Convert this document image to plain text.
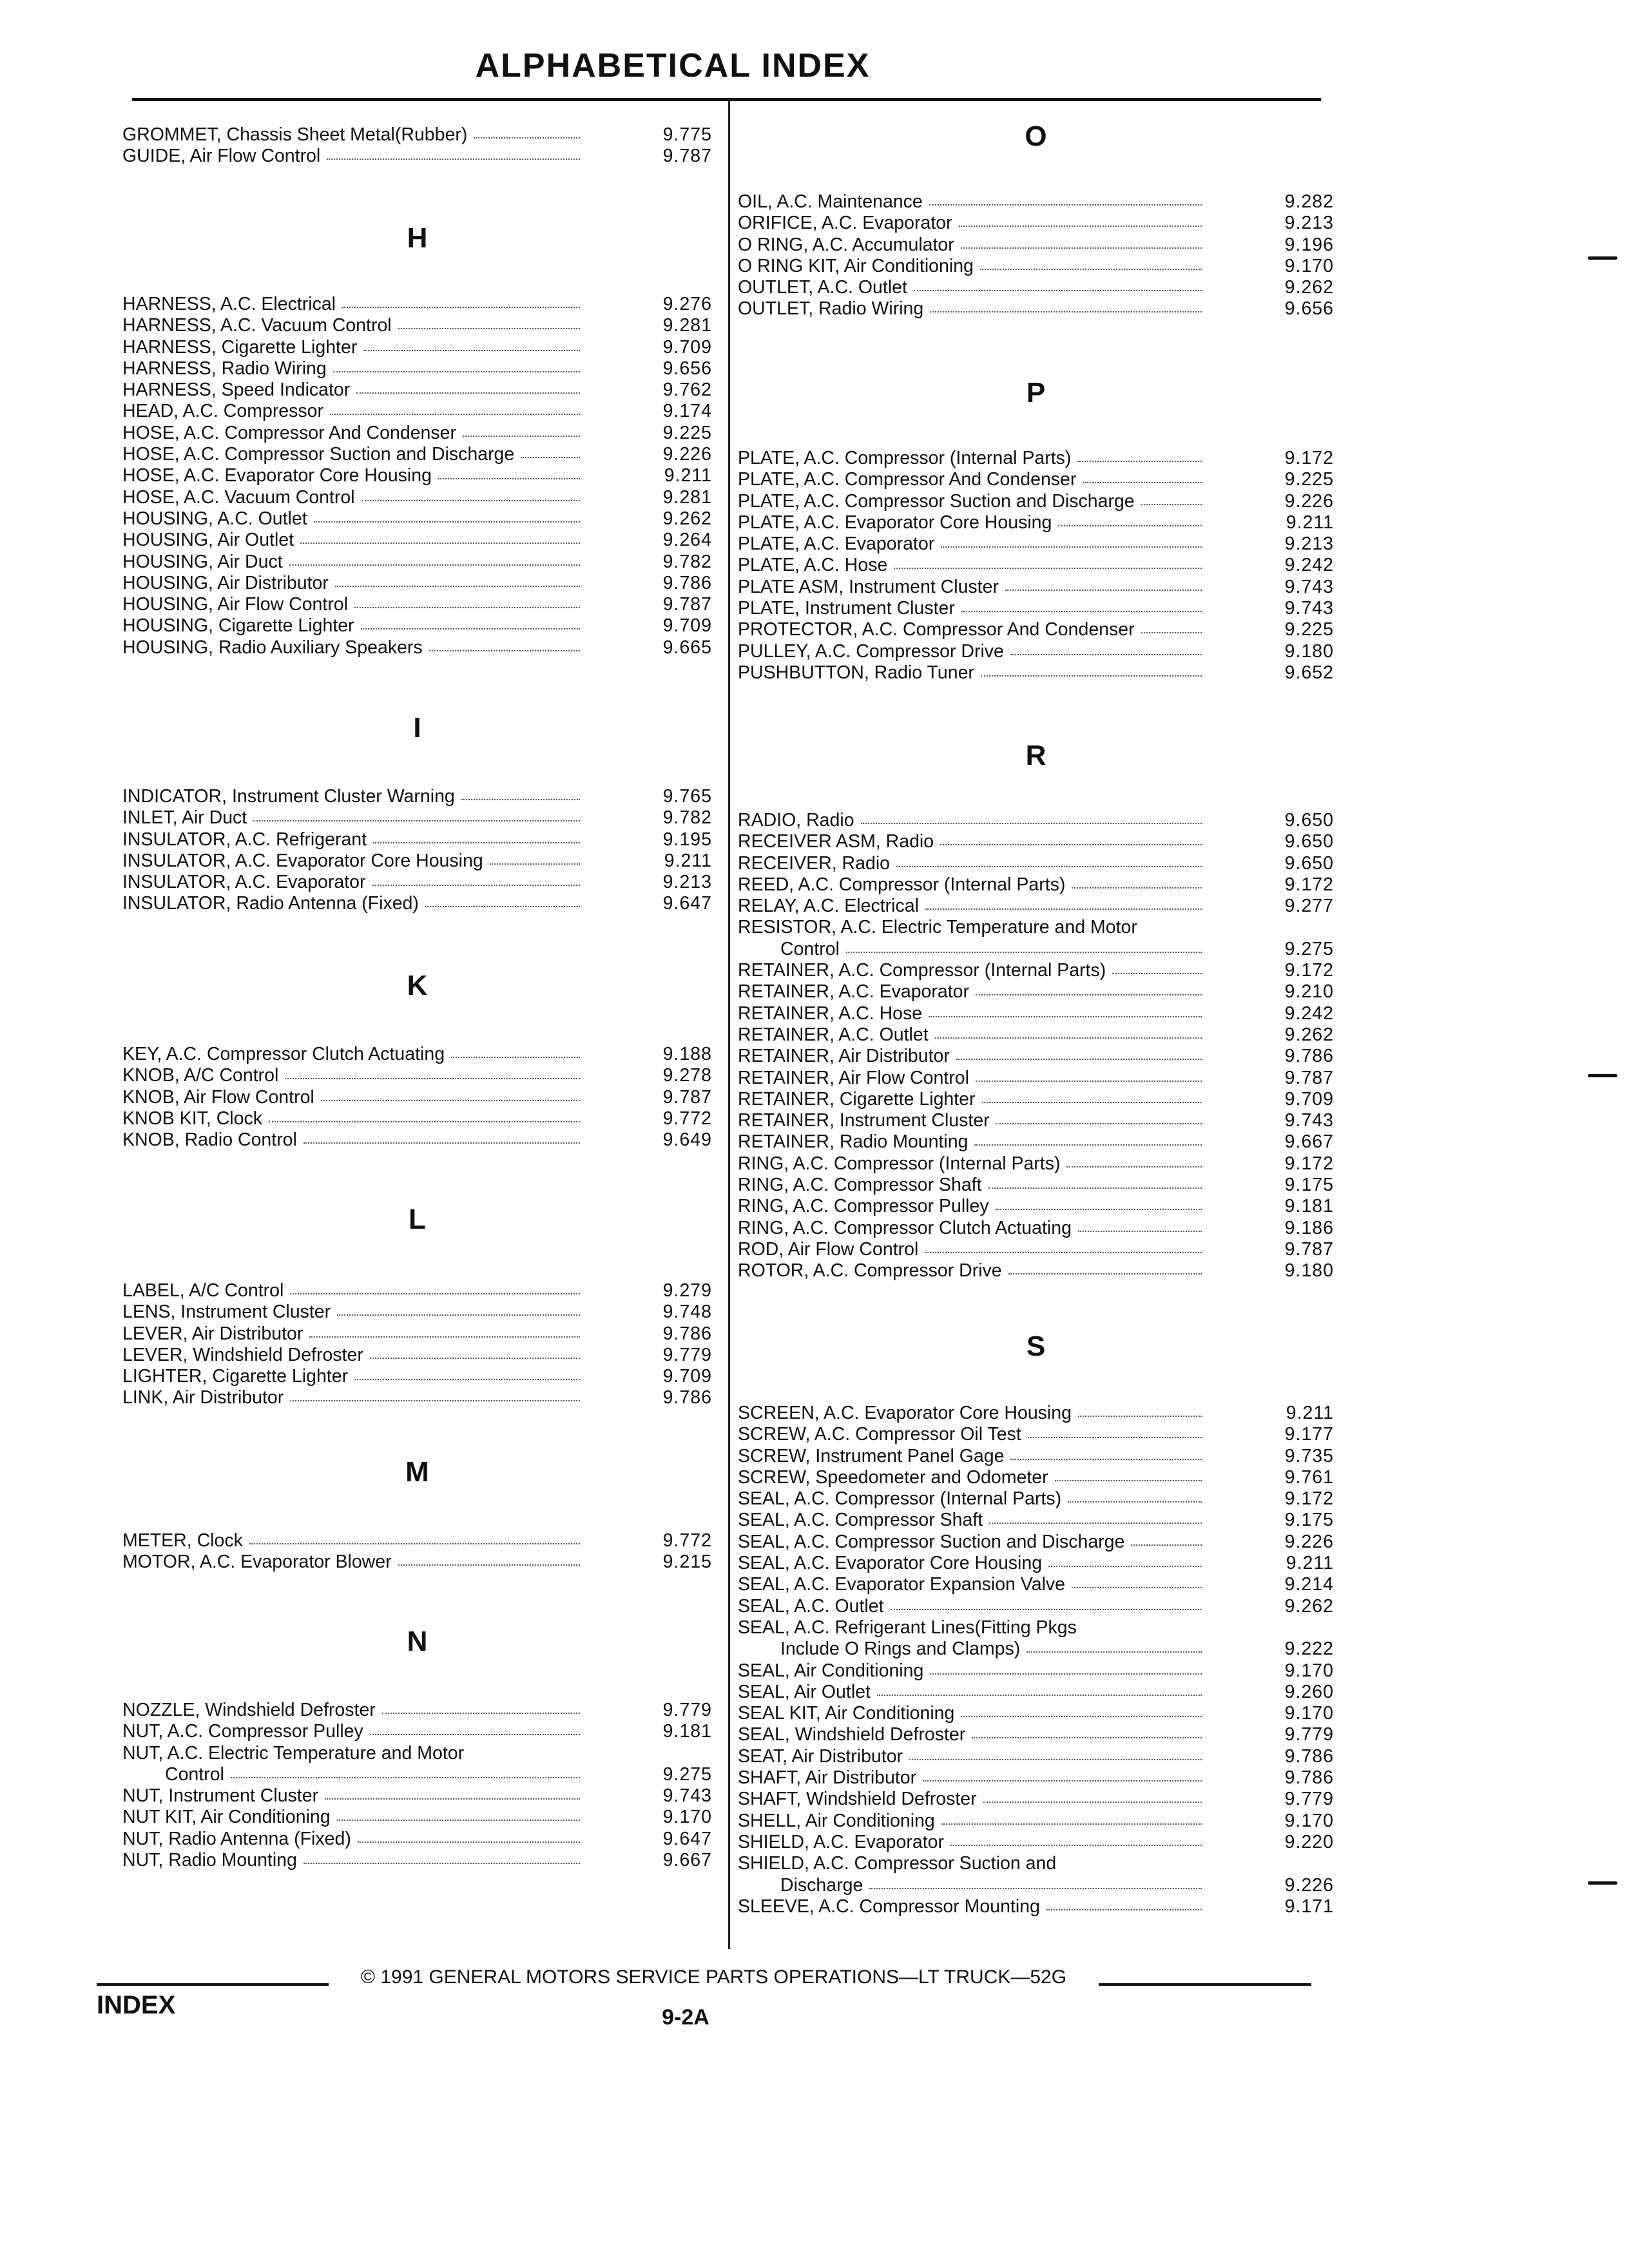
ALPHABETICAL INDEX
GROMMET, Chassis Sheet Metal(Rubber)	9.775
GUIDE, Air Flow Control	9.787
H
HARNESS, A.C. Electrical	9.276
HARNESS, A.C. Vacuum Control	9.281
HARNESS, Cigarette Lighter	9.709
HARNESS, Radio Wiring	9.656
HARNESS, Speed Indicator	9.762
HEAD, A.C. Compressor	9.174
HOSE, A.C. Compressor And Condenser	9.225
HOSE, A.C. Compressor Suction and Discharge	9.226
HOSE, A.C. Evaporator Core Housing	9.211
HOSE, A.C. Vacuum Control	9.281
HOUSING, A.C. Outlet	9.262
HOUSING, Air Outlet	9.264
HOUSING, Air Duct	9.782
HOUSING, Air Distributor	9.786
HOUSING, Air Flow Control	9.787
HOUSING, Cigarette Lighter	9.709
HOUSING, Radio Auxiliary Speakers	9.665
I
INDICATOR, Instrument Cluster Warning	9.765
INLET, Air Duct	9.782
INSULATOR, A.C. Refrigerant	9.195
INSULATOR, A.C. Evaporator Core Housing	9.211
INSULATOR, A.C. Evaporator	9.213
INSULATOR, Radio Antenna (Fixed)	9.647
K
KEY, A.C. Compressor Clutch Actuating	9.188
KNOB, A/C Control	9.278
KNOB, Air Flow Control	9.787
KNOB KIT, Clock	9.772
KNOB, Radio Control	9.649
L
LABEL, A/C Control	9.279
LENS, Instrument Cluster	9.748
LEVER, Air Distributor	9.786
LEVER, Windshield Defroster	9.779
LIGHTER, Cigarette Lighter	9.709
LINK, Air Distributor	9.786
M
METER, Clock	9.772
MOTOR, A.C. Evaporator Blower	9.215
N
NOZZLE, Windshield Defroster	9.779
NUT, A.C. Compressor Pulley	9.181
NUT, A.C. Electric Temperature and Motor
Control	9.275
NUT, Instrument Cluster	9.743
NUT KIT, Air Conditioning	9.170
NUT, Radio Antenna (Fixed)	9.647
NUT, Radio Mounting	9.667
O
OIL, A.C. Maintenance	9.282
ORIFICE, A.C. Evaporator	9.213
O RING, A.C. Accumulator	9.196
O RING KIT, Air Conditioning	9.170
OUTLET, A.C. Outlet	9.262
OUTLET, Radio Wiring	9.656
P
PLATE, A.C. Compressor (Internal Parts)	9.172
PLATE, A.C. Compressor And Condenser	9.225
PLATE, A.C. Compressor Suction and Discharge	9.226
PLATE, A.C. Evaporator Core Housing	9.211
PLATE, A.C. Evaporator	9.213
PLATE, A.C. Hose	9.242
PLATE ASM, Instrument Cluster	9.743
PLATE, Instrument Cluster	9.743
PROTECTOR, A.C. Compressor And Condenser	9.225
PULLEY, A.C. Compressor Drive	9.180
PUSHBUTTON, Radio Tuner	9.652
R
RADIO, Radio	9.650
RECEIVER ASM, Radio	9.650
RECEIVER, Radio	9.650
REED, A.C. Compressor (Internal Parts)	9.172
RELAY, A.C. Electrical	9.277
RESISTOR, A.C. Electric Temperature and Motor
Control	9.275
RETAINER, A.C. Compressor (Internal Parts)	9.172
RETAINER, A.C. Evaporator	9.210
RETAINER, A.C. Hose	9.242
RETAINER, A.C. Outlet	9.262
RETAINER, Air Distributor	9.786
RETAINER, Air Flow Control	9.787
RETAINER, Cigarette Lighter	9.709
RETAINER, Instrument Cluster	9.743
RETAINER, Radio Mounting	9.667
RING, A.C. Compressor (Internal Parts)	9.172
RING, A.C. Compressor Shaft	9.175
RING, A.C. Compressor Pulley	9.181
RING, A.C. Compressor Clutch Actuating	9.186
ROD, Air Flow Control	9.787
ROTOR, A.C. Compressor Drive	9.180
S
SCREEN, A.C. Evaporator Core Housing	9.211
SCREW, A.C. Compressor Oil Test	9.177
SCREW, Instrument Panel Gage	9.735
SCREW, Speedometer and Odometer	9.761
SEAL, A.C. Compressor (Internal Parts)	9.172
SEAL, A.C. Compressor Shaft	9.175
SEAL, A.C. Compressor Suction and Discharge	9.226
SEAL, A.C. Evaporator Core Housing	9.211
SEAL, A.C. Evaporator Expansion Valve	9.214
SEAL, A.C. Outlet	9.262
SEAL, A.C. Refrigerant Lines(Fitting Pkgs
Include O Rings and Clamps)	9.222
SEAL, Air Conditioning	9.170
SEAL, Air Outlet	9.260
SEAL KIT, Air Conditioning	9.170
SEAL, Windshield Defroster	9.779
SEAT, Air Distributor	9.786
SHAFT, Air Distributor	9.786
SHAFT, Windshield Defroster	9.779
SHELL, Air Conditioning	9.170
SHIELD, A.C. Evaporator	9.220
SHIELD, A.C. Compressor Suction and
Discharge	9.226
SLEEVE, A.C. Compressor Mounting	9.171
© 1991 GENERAL MOTORS SERVICE PARTS OPERATIONS—LT TRUCK—52G
INDEX	9-2A
